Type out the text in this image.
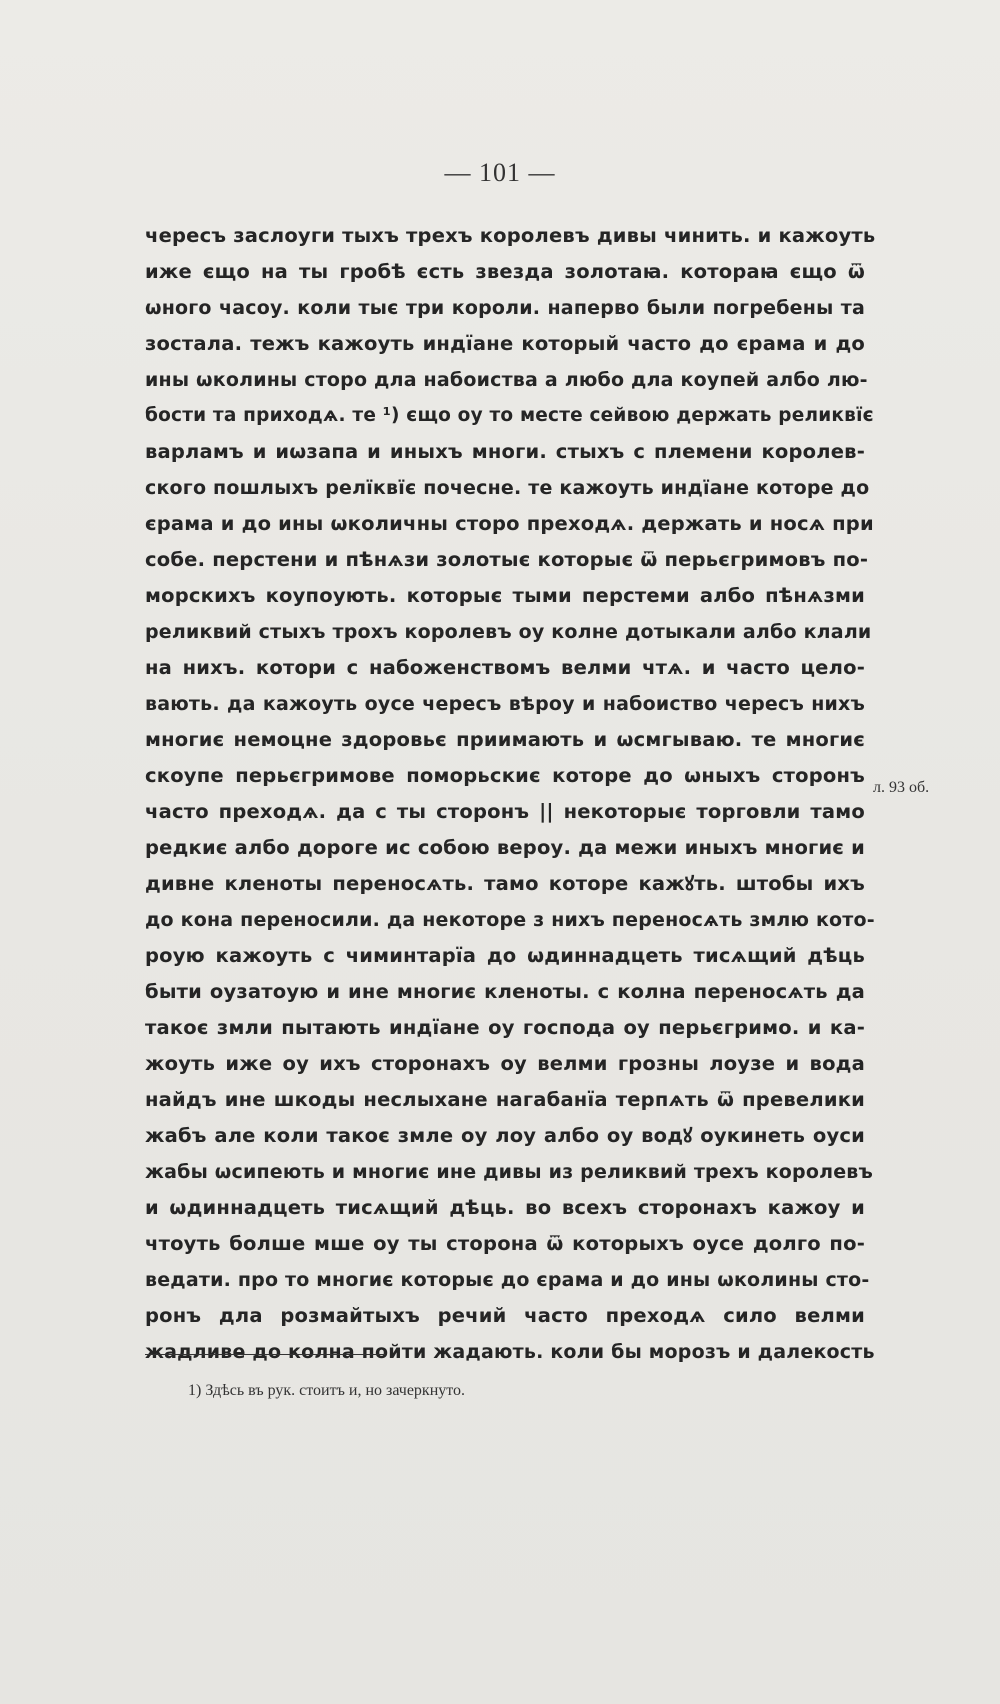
— 101 —
чересъ заслоуги тыхъ трехъ королевъ дивы чинить. и кажоуть
иже єщо на ты гробѣ єсть звезда золотаꙗ. котораꙗ єщо ѿ
ѡного часоу. коли тыє три короли. наперво были погребены та
зостала. тежъ кажоуть индїане который часто до єрама и до
ины ѡколины сторо дла набоиства а любо дла коупей албо лю-
бости та приходѧ. те ¹) єщо оу то месте сейвою держать реликвїє
варламъ и иѡзапа и иныхъ многи. стыхъ с племени королев-
ского пошлыхъ релїквїє почесне. те кажоуть индїане которе до
єрама и до ины ѡколичны сторо преходѧ. держать и носѧ при
собе. перстени и пѣнѧзи золотыє которыє ѿ перьєгримовъ по-
морскихъ коупоують. которыє тыми перстеми албо пѣнѧзми
реликвий стыхъ трохъ королевъ оу колне дотыкали албо клали
на нихъ. котори с набоженствомъ велми чтѧ. и часто цело-
вають. да кажоуть оусе чересъ вѣроу и набоиство чересъ нихъ
многиє немоцне здоровьє приимають и ѡсмгываю. те многиє
скоупе перьєгримове поморьскиє которе до ѡныхъ сторонъ
часто преходѧ. да с ты сторонъ || некоторыє торговли тамо
редкиє албо дороге ис собою вероу. да межи иныхъ многиє и
дивне кленоты переносѧть. тамо которе кажꙋть. штобы ихъ
до кона переносили. да некоторе з нихъ переносѧть змлю кото-
роую кажоуть с чиминтарїа до ѡдиннадцеть тисѧщий дѣць
быти оузатоую и ине многиє кленоты. с колна переносѧть да
такоє змли пытають индїане оу господа оу перьєгримо. и ка-
жоуть иже оу ихъ сторонахъ оу велми грозны лоузе и вода
найдъ ине шкоды неслыхане нагабанїа терпѧть ѿ превелики
жабъ але коли такоє змле оу лоу албо оу водꙋ оукинеть оуси
жабы ѡсипеють и многиє ине дивы из реликвий трехъ королевъ
и ѡдиннадцеть тисѧщий дѣць. во всехъ сторонахъ кажоу и
чтоуть болше мше оу ты сторона ѿ которыхъ оусе долго по-
ведати. про то многиє которыє до єрама и до ины ѡколины сто-
ронъ дла розмайтыхъ речий часто преходѧ сило велми
жадливе до колна пойти жадають. коли бы морозъ и далекость
л. 93 об.
1) Здѣсь въ рук. стоитъ и, но зачеркнуто.
